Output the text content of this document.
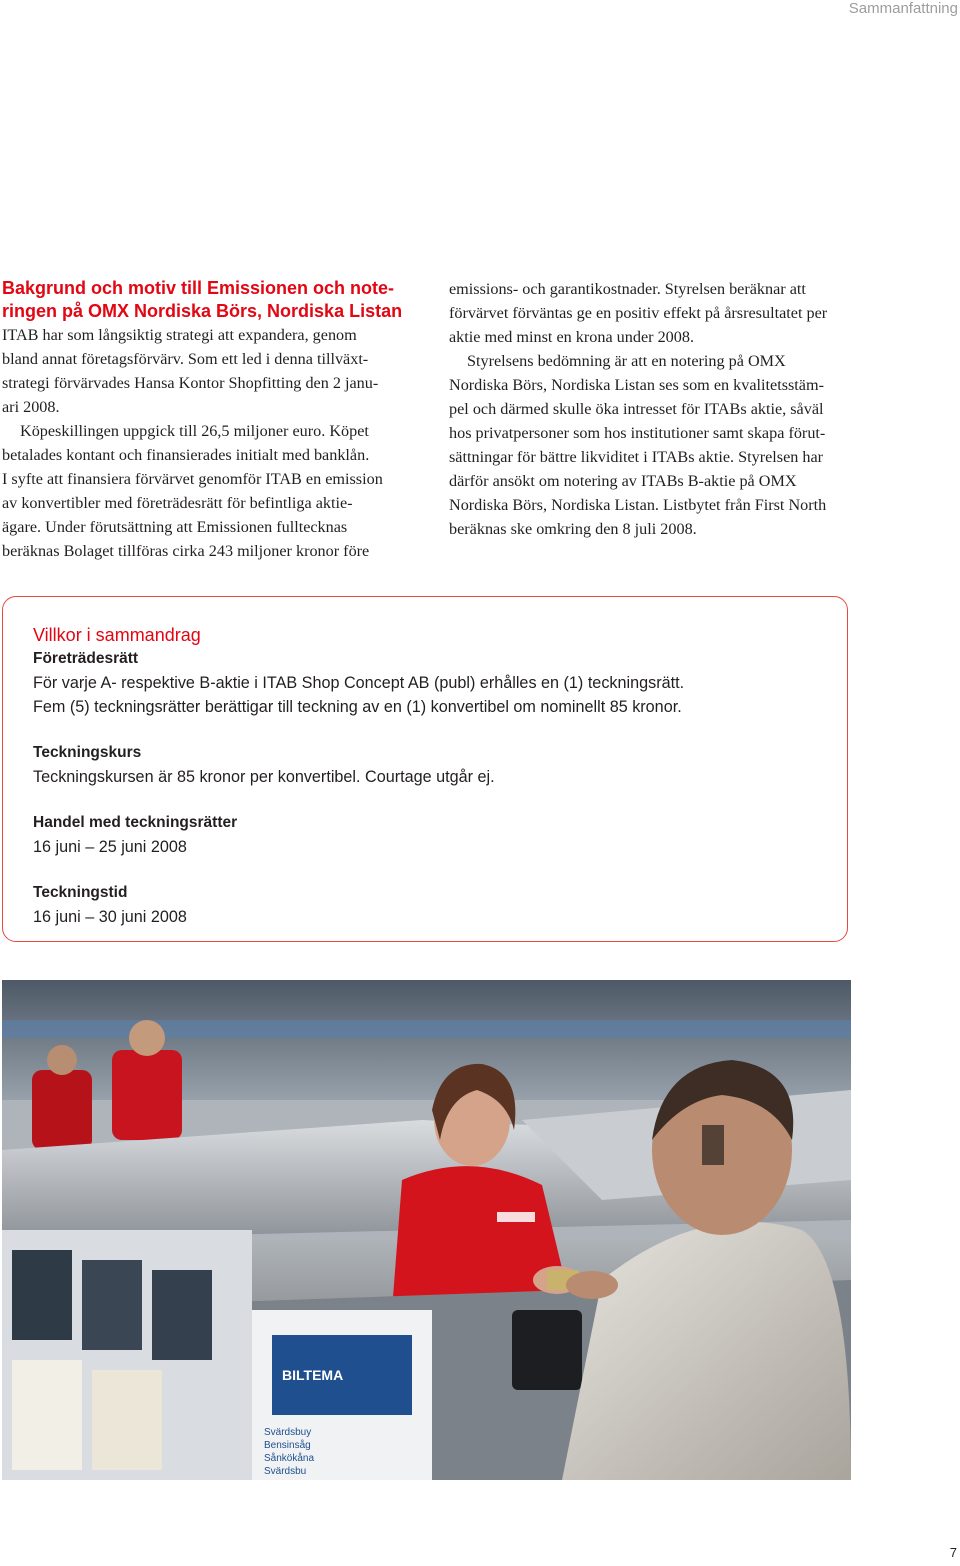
Sammanfattning
Bakgrund och motiv till Emissionen och note-
ringen på OMX Nordiska Börs, Nordiska Listan

ITAB har som långsiktig strategi att expandera, genom
bland annat företagsförvärv. Som ett led i denna tillväxt-
strategi förvärvades Hansa Kontor Shopfitting den 2 janu-
ari 2008.

Köpeskillingen uppgick till 26,5 miljoner euro. Köpet
betalades kontant och finansierades initialt med banklån.
I syfte att finansiera förvärvet genomför ITAB en emission
av konvertibler med företrädesrätt för befintliga aktie-
ägare. Under förutsättning att Emissionen fulltecknas
beräknas Bolaget tillföras cirka 243 miljoner kronor före

emissions- och garantikostnader. Styrelsen beräknar att
förvärvet förväntas ge en positiv effekt på årsresultatet per
aktie med minst en krona under 2008.

Styrelsens bedömning är att en notering på OMX
Nordiska Börs, Nordiska Listan ses som en kvalitetsstäm-
pel och därmed skulle öka intresset för ITABs aktie, såväl
hos privatpersoner som hos institutioner samt skapa förut-
sättningar för bättre likviditet i ITABs aktie. Styrelsen har
därför ansökt om notering av ITABs B-aktie på OMX
Nordiska Börs, Nordiska Listan. Listbytet från First North
beräknas ske omkring den 8 juli 2008.

Villkor i sammandrag

Företrädesrätt

För varje A- respektive B-aktie i ITAB Shop Concept AB (publ) erhålles en (1) teckningsrätt.

Fem (5) teckningsrätter berättigar till teckning av en (1) konvertibel om nominellt 85 kronor.

Teckningskurs

Teckningskursen är 85 kronor per konvertibel. Courtage utgår ej.

Handel med teckningsrätter

16 juni – 25 juni 2008

Teckningstid

16 juni – 30 juni 2008

BILTEMA
Svärdsbuy
Bensinsåg
Sånkökåna
Svärdsbu
7
